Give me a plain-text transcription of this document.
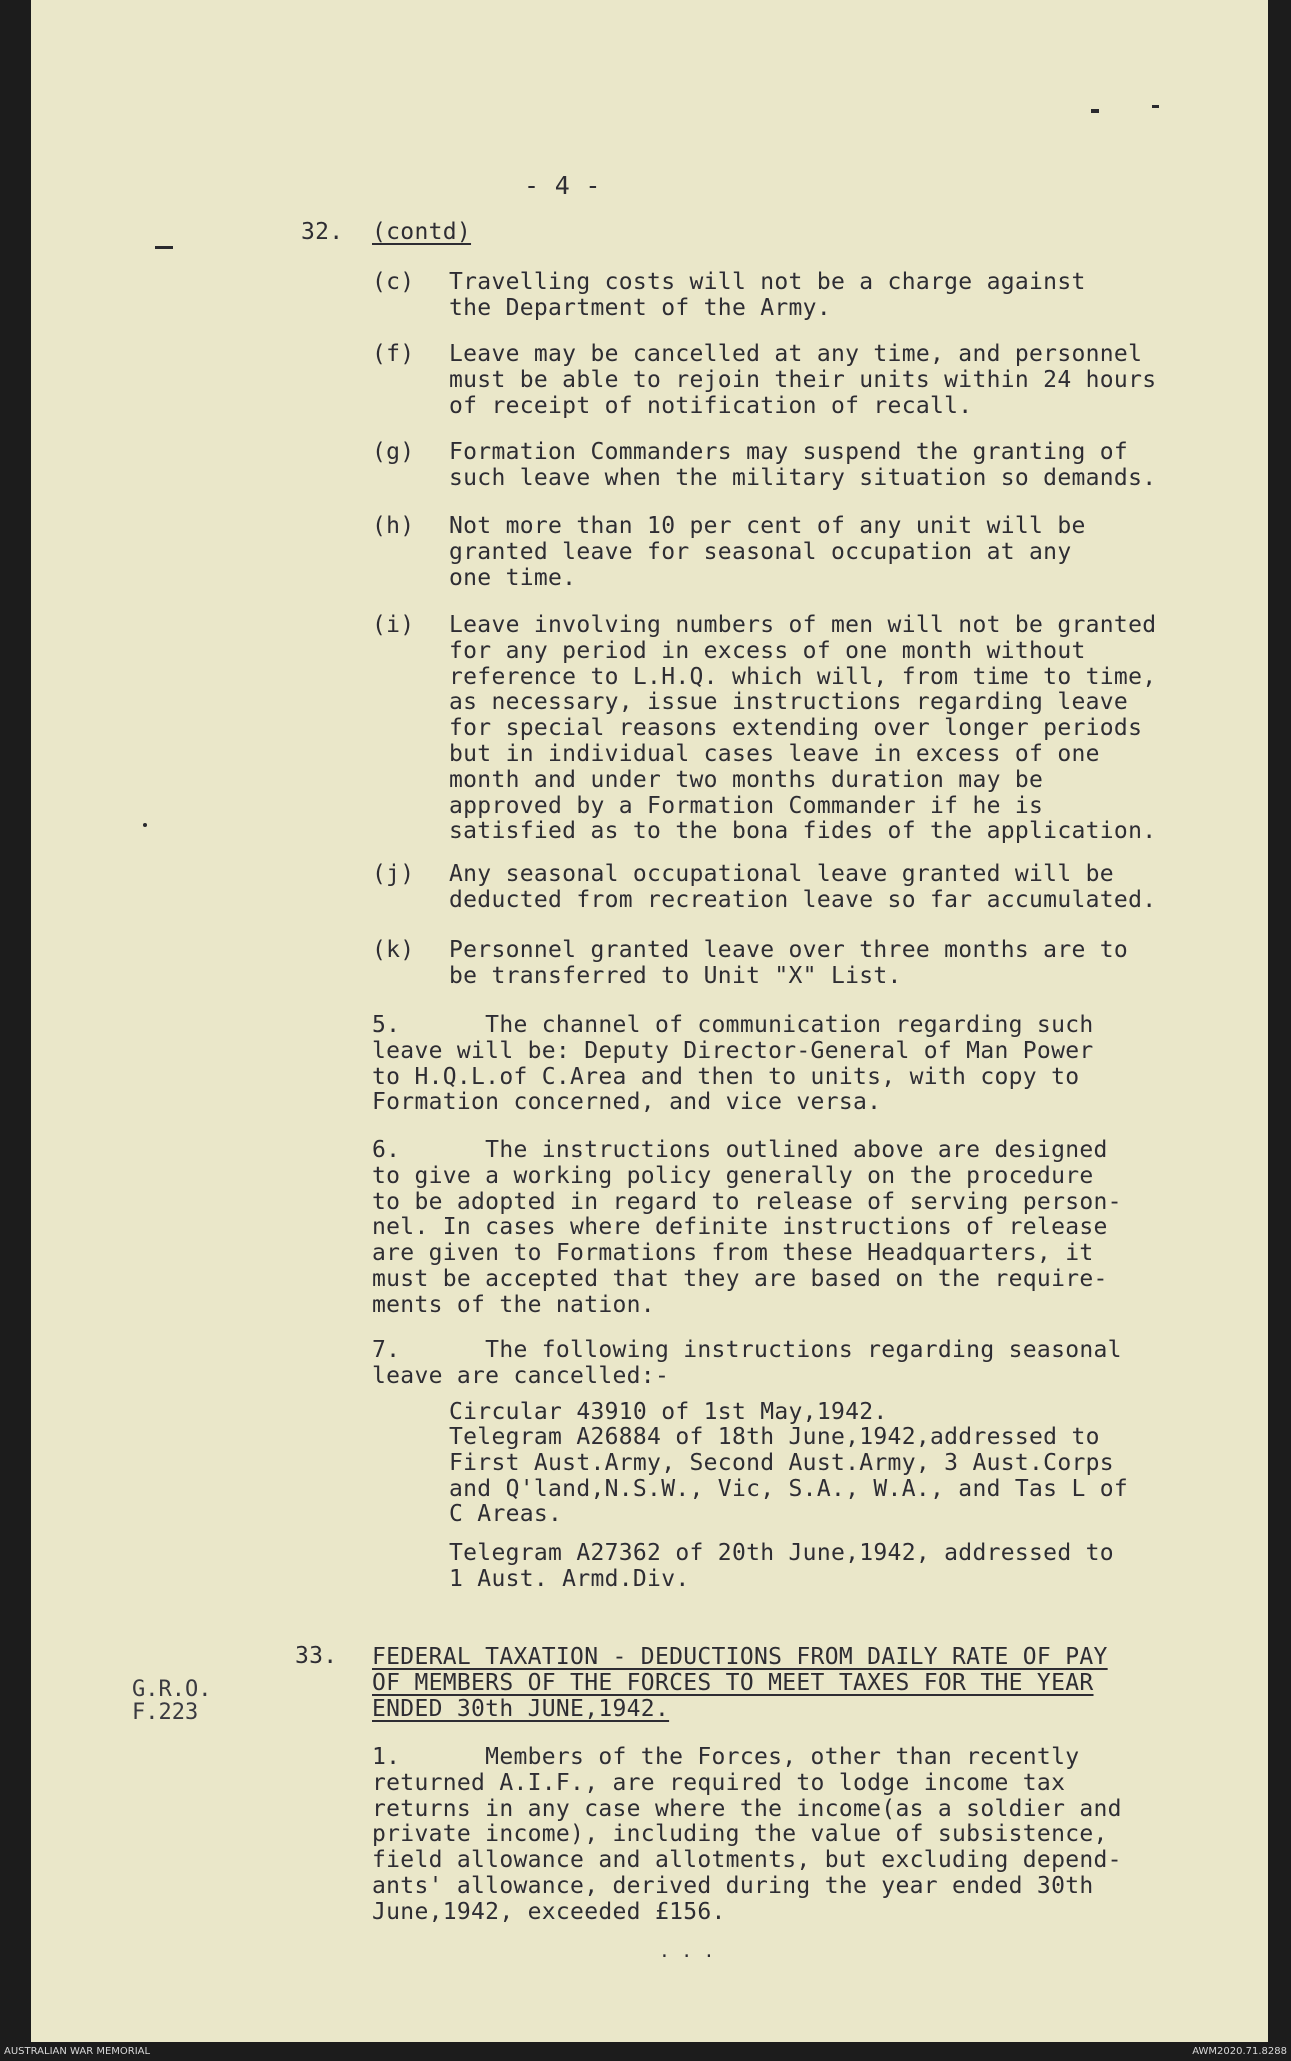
- 4 -
32. (contd)
(c) Travelling costs will not be a charge against
the Department of the Army.
(f) Leave may be cancelled at any time, and personnel
must be able to rejoin their units within 24 hours
of receipt of notification of recall.
(g) Formation Commanders may suspend the granting of
such leave when the military situation so demands.
(h) Not more than 10 per cent of any unit will be
granted leave for seasonal occupation at any
one time.
(i) Leave involving numbers of men will not be granted
for any period in excess of one month without
reference to L.H.Q. which will, from time to time,
as necessary, issue instructions regarding leave
for special reasons extending over longer periods
but in individual cases leave in excess of one
month and under two months duration may be
approved by a Formation Commander if he is
satisfied as to the bona fides of the application.
(j) Any seasonal occupational leave granted will be
deducted from recreation leave so far accumulated.
(k) Personnel granted leave over three months are to
be transferred to Unit "X" List.
5.      The channel of communication regarding such
leave will be: Deputy Director-General of Man Power
to H.Q.L.of C.Area and then to units, with copy to
Formation concerned, and vice versa.
6.      The instructions outlined above are designed
to give a working policy generally on the procedure
to be adopted in regard to release of serving person-
nel. In cases where definite instructions of release
are given to Formations from these Headquarters, it
must be accepted that they are based on the require-
ments of the nation.
7.      The following instructions regarding seasonal
leave are cancelled:-
Circular 43910 of 1st May,1942.
Telegram A26884 of 18th June,1942,addressed to
First Aust.Army, Second Aust.Army, 3 Aust.Corps
and Q'land,N.S.W., Vic, S.A., W.A., and Tas L of
C Areas.
Telegram A27362 of 20th June,1942, addressed to
1 Aust. Armd.Div.
33.
G.R.O.
F.223
FEDERAL TAXATION - DEDUCTIONS FROM DAILY RATE OF PAY
OF MEMBERS OF THE FORCES TO MEET TAXES FOR THE YEAR
ENDED 30th JUNE,1942.
1.      Members of the Forces, other than recently
returned A.I.F., are required to lodge income tax
returns in any case where the income(as a soldier and
private income), including the value of subsistence,
field allowance and allotments, but excluding depend-
ants' allowance, derived during the year ended 30th
June,1942, exceeded £156.
. . .
AUSTRALIAN WAR MEMORIAL	AWM2020.71.8288
